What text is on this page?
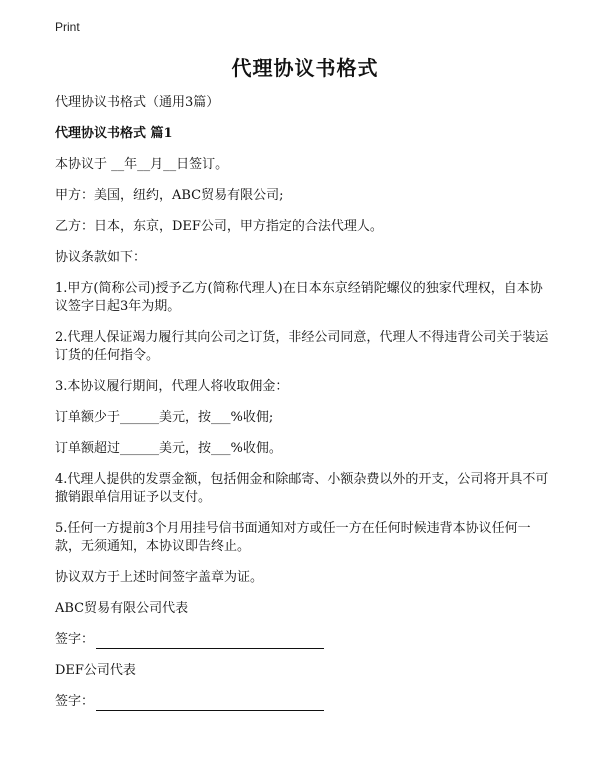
Print
代理协议书格式
代理协议书格式（通用3篇）
代理协议书格式 篇1
本协议于 __年__月__日签订。
甲方：美国，纽约，ABC贸易有限公司;
乙方：日本，东京，DEF公司，甲方指定的合法代理人。
协议条款如下：
1.甲方(简称公司)授予乙方(简称代理人)在日本东京经销陀螺仪的独家代理权，自本协议签字日起3年为期。
2.代理人保证竭力履行其向公司之订货，非经公司同意，代理人不得违背公司关于装运订货的任何指令。
3.本协议履行期间，代理人将收取佣金：
订单额少于______美元，按___%收佣;
订单额超过______美元，按___%收佣。
4.代理人提供的发票金额，包括佣金和除邮寄、小额杂费以外的开支，公司将开具不可撤销跟单信用证予以支付。
5.任何一方提前3个月用挂号信书面通知对方或任一方在任何时候违背本协议任何一款，无须通知，本协议即告终止。
协议双方于上述时间签字盖章为证。
ABC贸易有限公司代表
签字：
DEF公司代表
签字：
